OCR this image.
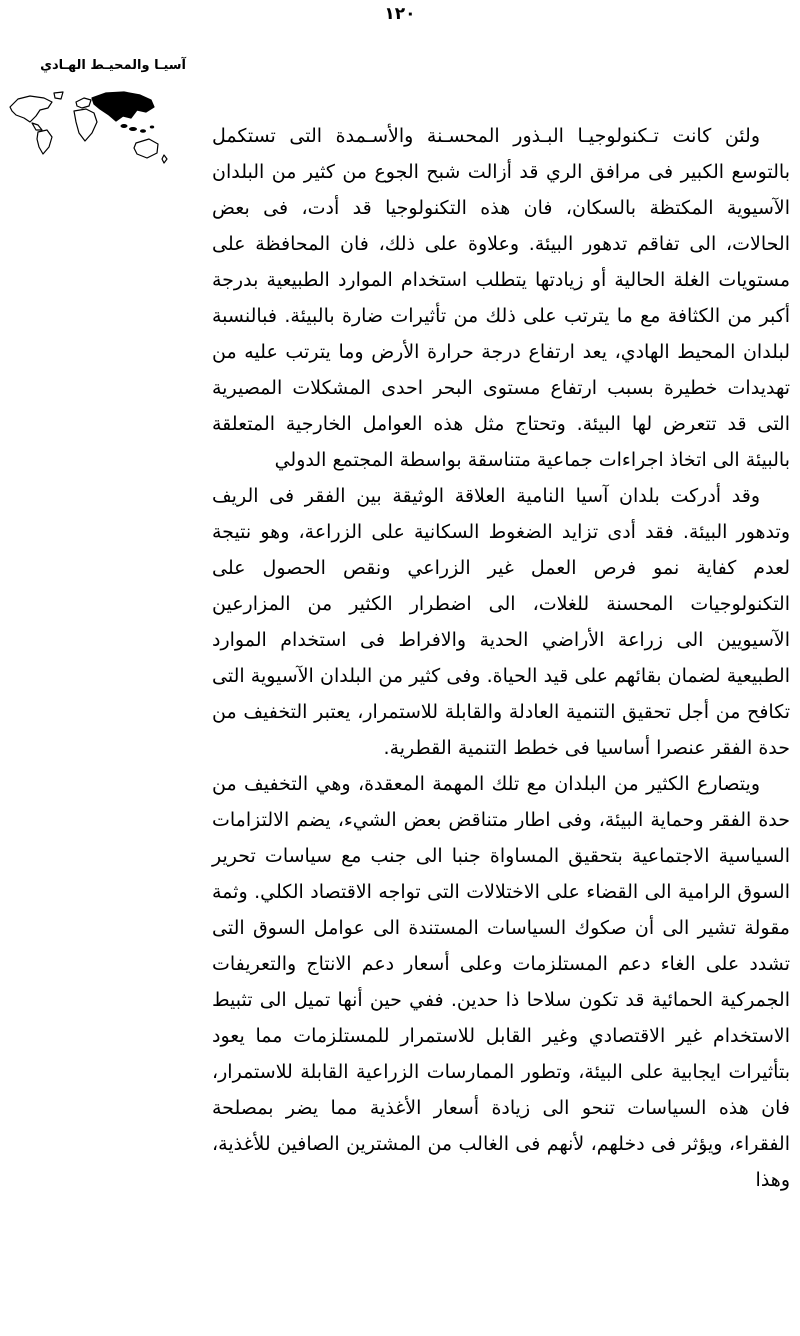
١٢٠
آسيـا والمحيـط الهـادي

ولئن كانت تـكنولوجيـا البـذور المحسـنة والأسـمدة التى تستكمل بالتوسع الكبير فى مرافق الري قد أزالت شبح الجوع من كثير من البلدان الآسيوية المكتظة بالسكان، فان هذه التكنولوجيا قد أدت، فى بعض الحالات، الى تفاقم تدهور البيئة. وعلاوة على ذلك، فان المحافظة على مستويات الغلة الحالية أو زيادتها يتطلب استخدام الموارد الطبيعية بدرجة أكبر من الكثافة مع ما يترتب على ذلك من تأثيرات ضارة بالبيئة. فبالنسبة لبلدان المحيط الهادي، يعد ارتفاع درجة حرارة الأرض وما يترتب عليه من تهديدات خطيرة بسبب ارتفاع مستوى البحر احدى المشكلات المصيرية التى قد تتعرض لها البيئة. وتحتاج مثل هذه العوامل الخارجية المتعلقة بالبيئة الى اتخاذ اجراءات جماعية متناسقة بواسطة المجتمع الدولي

وقد أدركت بلدان آسيا النامية العلاقة الوثيقة بين الفقر فى الريف وتدهور البيئة. فقد أدى تزايد الضغوط السكانية على الزراعة، وهو نتيجة لعدم كفاية نمو فرص العمل غير الزراعي ونقص الحصول على التكنولوجيات المحسنة للغلات، الى اضطرار الكثير من المزارعين الآسيويين الى زراعة الأراضي الحدية والافراط فى استخدام الموارد الطبيعية لضمان بقائهم على قيد الحياة. وفى كثير من البلدان الآسيوية التى تكافح من أجل تحقيق التنمية العادلة والقابلة للاستمرار، يعتبر التخفيف من حدة الفقر عنصرا أساسيا فى خطط التنمية القطرية.

ويتصارع الكثير من البلدان مع تلك المهمة المعقدة، وهي التخفيف من حدة الفقر وحماية البيئة، وفى اطار متناقض بعض الشيء، يضم الالتزامات السياسية الاجتماعية بتحقيق المساواة جنبا الى جنب مع سياسات تحرير السوق الرامية الى القضاء على الاختلالات التى تواجه الاقتصاد الكلي. وثمة مقولة تشير الى أن صكوك السياسات المستندة الى عوامل السوق التى تشدد على الغاء دعم المستلزمات وعلى أسعار دعم الانتاج والتعريفات الجمركية الحمائية قد تكون سلاحا ذا حدين. ففي حين أنها تميل الى تثبيط الاستخدام غير الاقتصادي وغير القابل للاستمرار للمستلزمات مما يعود بتأثيرات ايجابية على البيئة، وتطور الممارسات الزراعية القابلة للاستمرار، فان هذه السياسات تنحو الى زيادة أسعار الأغذية مما يضر بمصلحة الفقراء، ويؤثر فى دخلهم، لأنهم فى الغالب من المشترين الصافين للأغذية، وهذا
